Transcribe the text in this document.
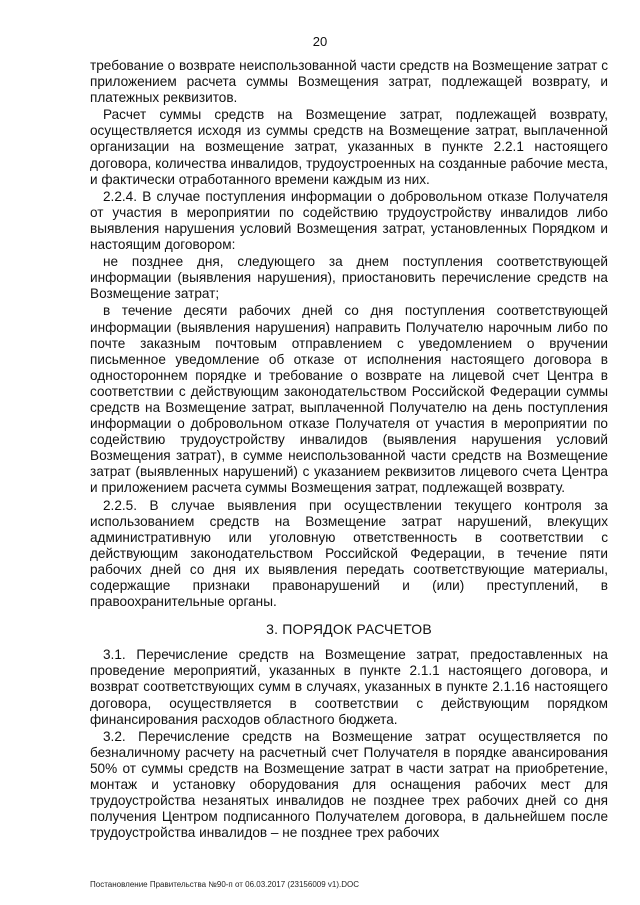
20

требование о возврате неиспользованной части средств на Возмещение затрат с приложением расчета суммы Возмещения затрат, подлежащей возврату, и платежных реквизитов.

Расчет суммы средств на Возмещение затрат, подлежащей возврату, осуществляется исходя из суммы средств на Возмещение затрат, выплаченной организации на возмещение затрат, указанных в пункте 2.2.1 настоящего договора, количества инвалидов, трудоустроенных на созданные рабочие места, и фактически отработанного времени каждым из них.

2.2.4. В случае поступления информации о добровольном отказе Получателя от участия в мероприятии по содействию трудоустройству инвалидов либо выявления нарушения условий Возмещения затрат, установленных Порядком и настоящим договором:

не позднее дня, следующего за днем поступления соответствующей информации (выявления нарушения), приостановить перечисление средств на Возмещение затрат;

в течение десяти рабочих дней со дня поступления соответствующей информации (выявления нарушения) направить Получателю нарочным либо по почте заказным почтовым отправлением с уведомлением о вручении письменное уведомление об отказе от исполнения настоящего договора в одностороннем порядке и требование о возврате на лицевой счет Центра в соответствии с действующим законодательством Российской Федерации суммы средств на Возмещение затрат, выплаченной Получателю на день поступления информации о добровольном отказе Получателя от участия в мероприятии по содействию трудоустройству инвалидов (выявления нарушения условий Возмещения затрат), в сумме неиспользованной части средств на Возмещение затрат (выявленных нарушений) с указанием реквизитов лицевого счета Центра и приложением расчета суммы Возмещения затрат, подлежащей возврату.

2.2.5. В случае выявления при осуществлении текущего контроля за использованием средств на Возмещение затрат нарушений, влекущих административную или уголовную ответственность в соответствии с действующим законодательством Российской Федерации, в течение пяти рабочих дней со дня их выявления передать соответствующие материалы, содержащие признаки правонарушений и (или) преступлений, в правоохранительные органы.

3. ПОРЯДОК РАСЧЕТОВ

3.1. Перечисление средств на Возмещение затрат, предоставленных на проведение мероприятий, указанных в пункте 2.1.1 настоящего договора, и возврат соответствующих сумм в случаях, указанных в пункте 2.1.16 настоящего договора, осуществляется в соответствии с действующим порядком финансирования расходов областного бюджета.

3.2. Перечисление средств на Возмещение затрат осуществляется по безналичному расчету на расчетный счет Получателя в порядке авансирования 50% от суммы средств на Возмещение затрат в части затрат на приобретение, монтаж и установку оборудования для оснащения рабочих мест для трудоустройства незанятых инвалидов не позднее трех рабочих дней со дня получения Центром подписанного Получателем договора, в дальнейшем после трудоустройства инвалидов – не позднее трех рабочих

Постановление Правительства №90-п от 06.03.2017 (23156009 v1).DOC
